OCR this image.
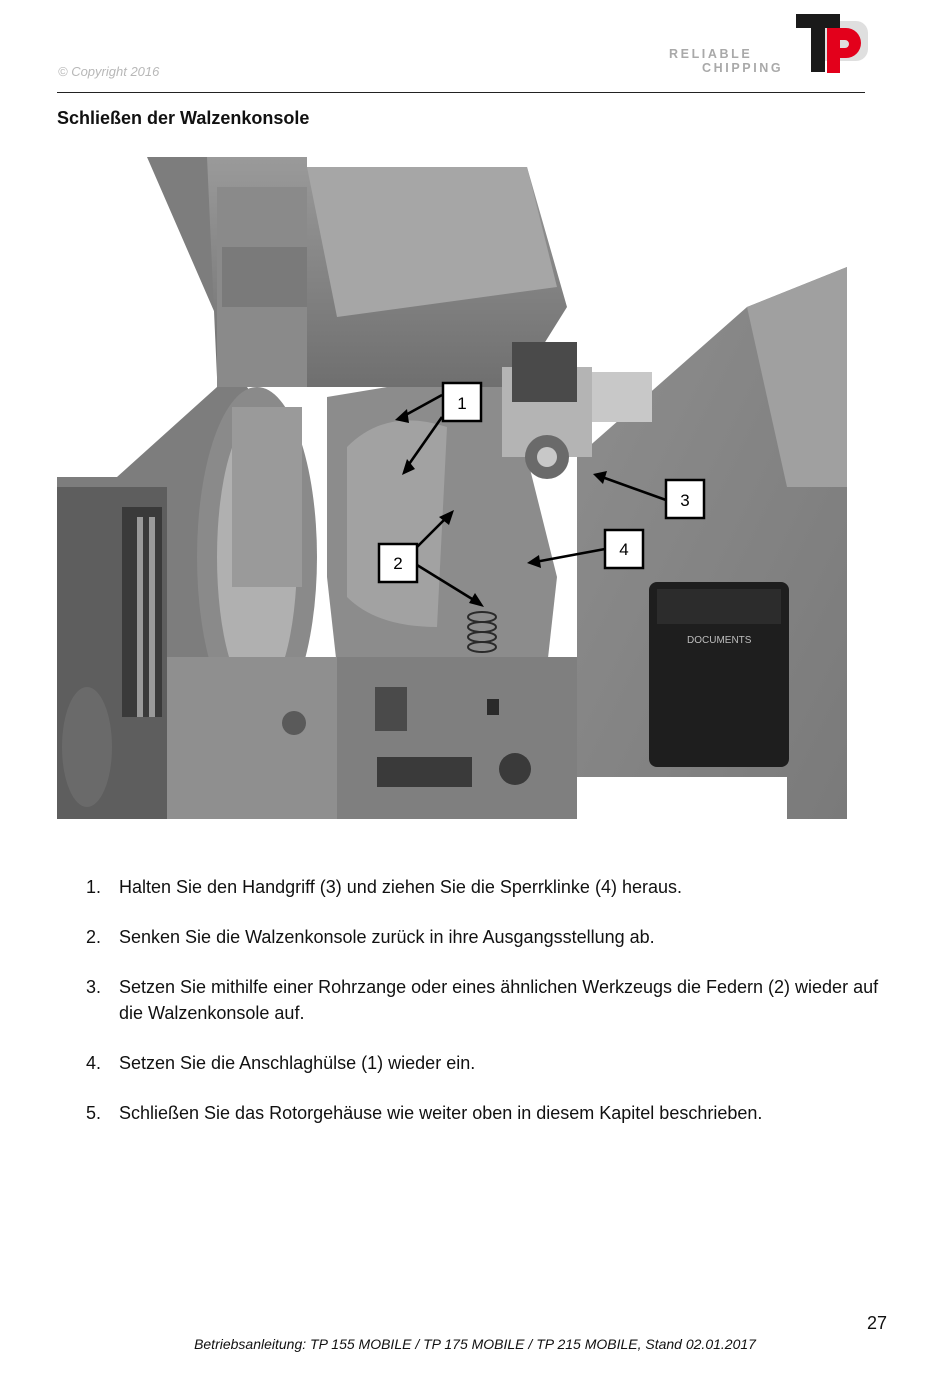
© Copyright 2016
RELIABLE
CHIPPING
Schließen der Walzenkonsole
DOCUMENTS
1
2
3
4
1. Halten Sie den Handgriff (3) und ziehen Sie die Sperrklinke (4) heraus.
2. Senken Sie die Walzenkonsole zurück in ihre Ausgangsstellung ab.
3. Setzen Sie mithilfe einer Rohrzange oder eines ähnlichen Werkzeugs die Federn (2) wieder auf die Walzenkonsole auf.
4. Setzen Sie die Anschlaghülse (1) wieder ein.
5. Schließen Sie das Rotorgehäuse wie weiter oben in diesem Kapitel beschrieben.
27
Betriebsanleitung: TP 155 MOBILE / TP 175 MOBILE / TP 215 MOBILE, Stand 02.01.2017
